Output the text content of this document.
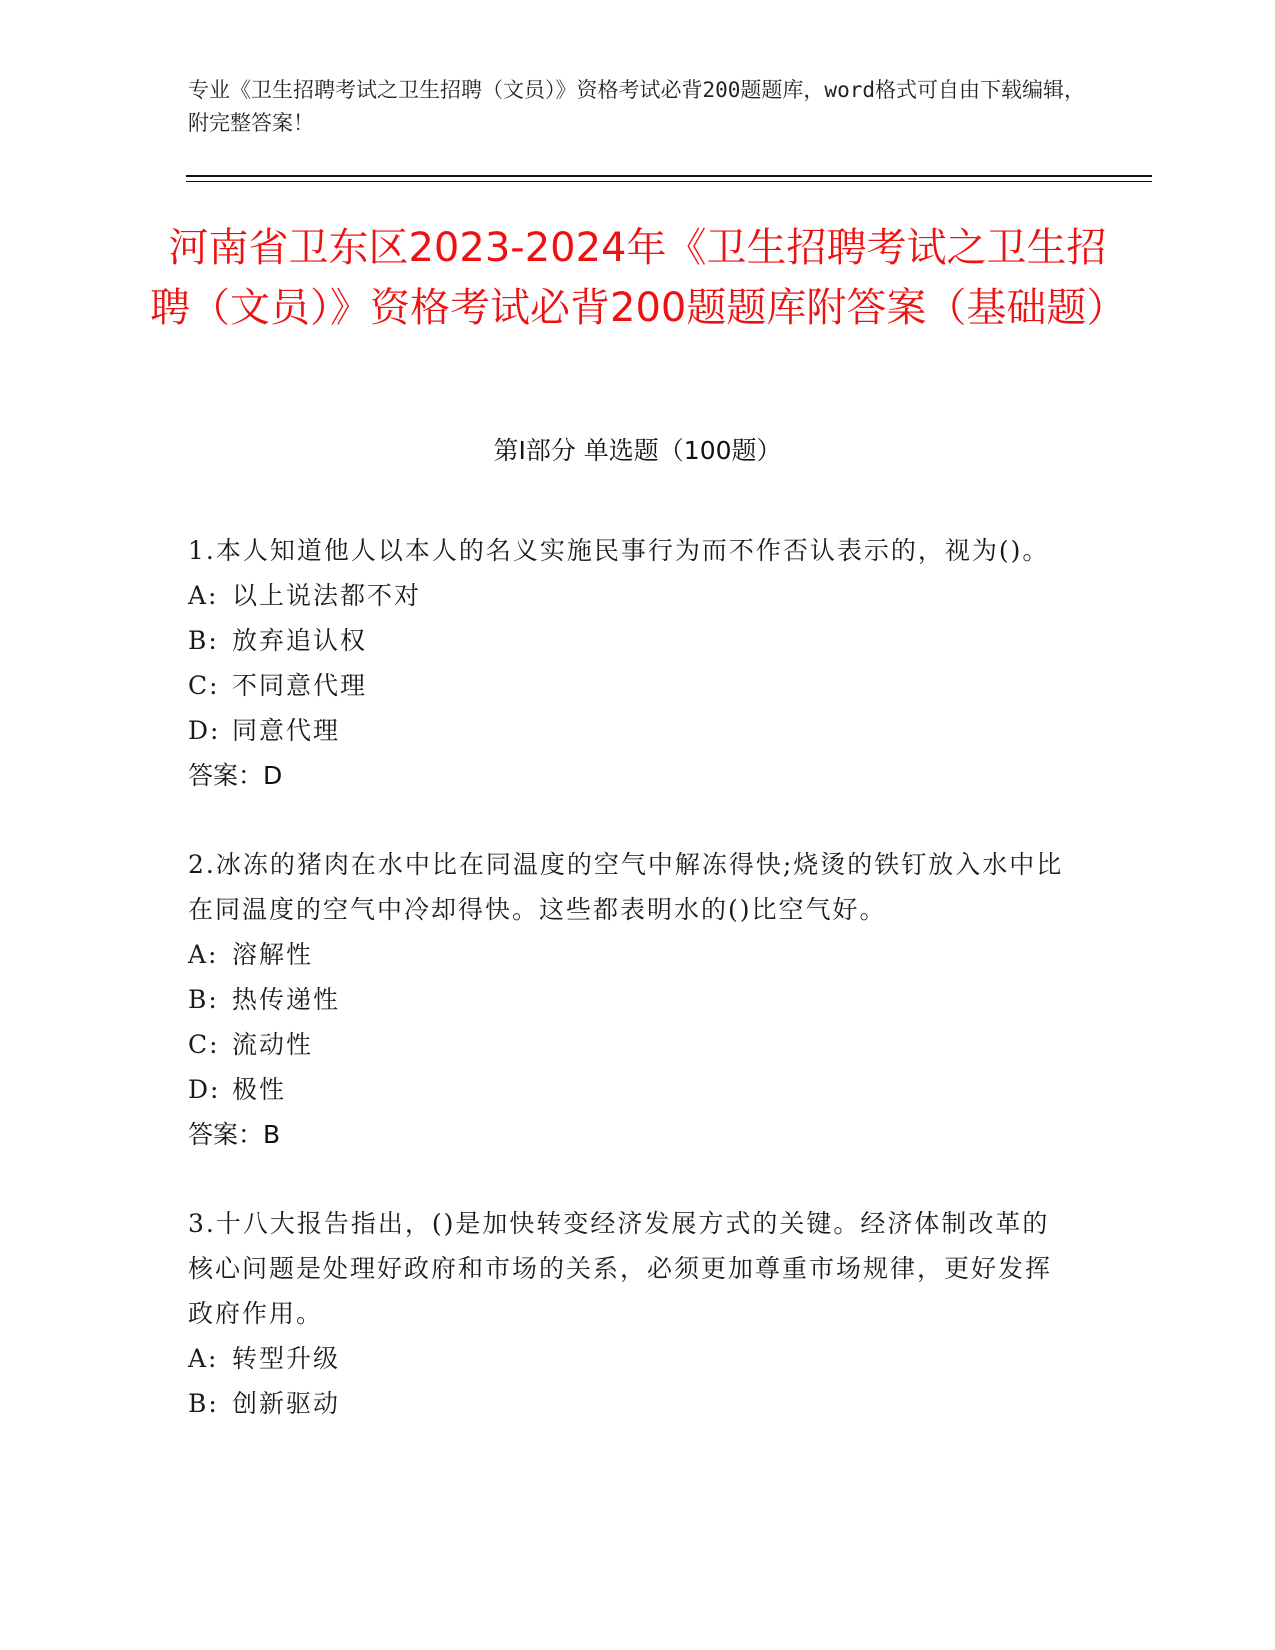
专业《卫生招聘考试之卫生招聘（文员）》资格考试必背200题题库，word格式可自由下载编辑，附完整答案！
河南省卫东区2023-2024年《卫生招聘考试之卫生招聘（文员）》资格考试必背200题题库附答案（基础题）
第Ⅰ部分 单选题（100题）
1.本人知道他人以本人的名义实施民事行为而不作否认表示的，视为()。
A: 以上说法都不对
B: 放弃追认权
C: 不同意代理
D: 同意代理
答案：D
2.冰冻的猪肉在水中比在同温度的空气中解冻得快;烧烫的铁钉放入水中比在同温度的空气中冷却得快。这些都表明水的()比空气好。
A: 溶解性
B: 热传递性
C: 流动性
D: 极性
答案：B
3.十八大报告指出，()是加快转变经济发展方式的关键。经济体制改革的核心问题是处理好政府和市场的关系，必须更加尊重市场规律，更好发挥政府作用。
A: 转型升级
B: 创新驱动
